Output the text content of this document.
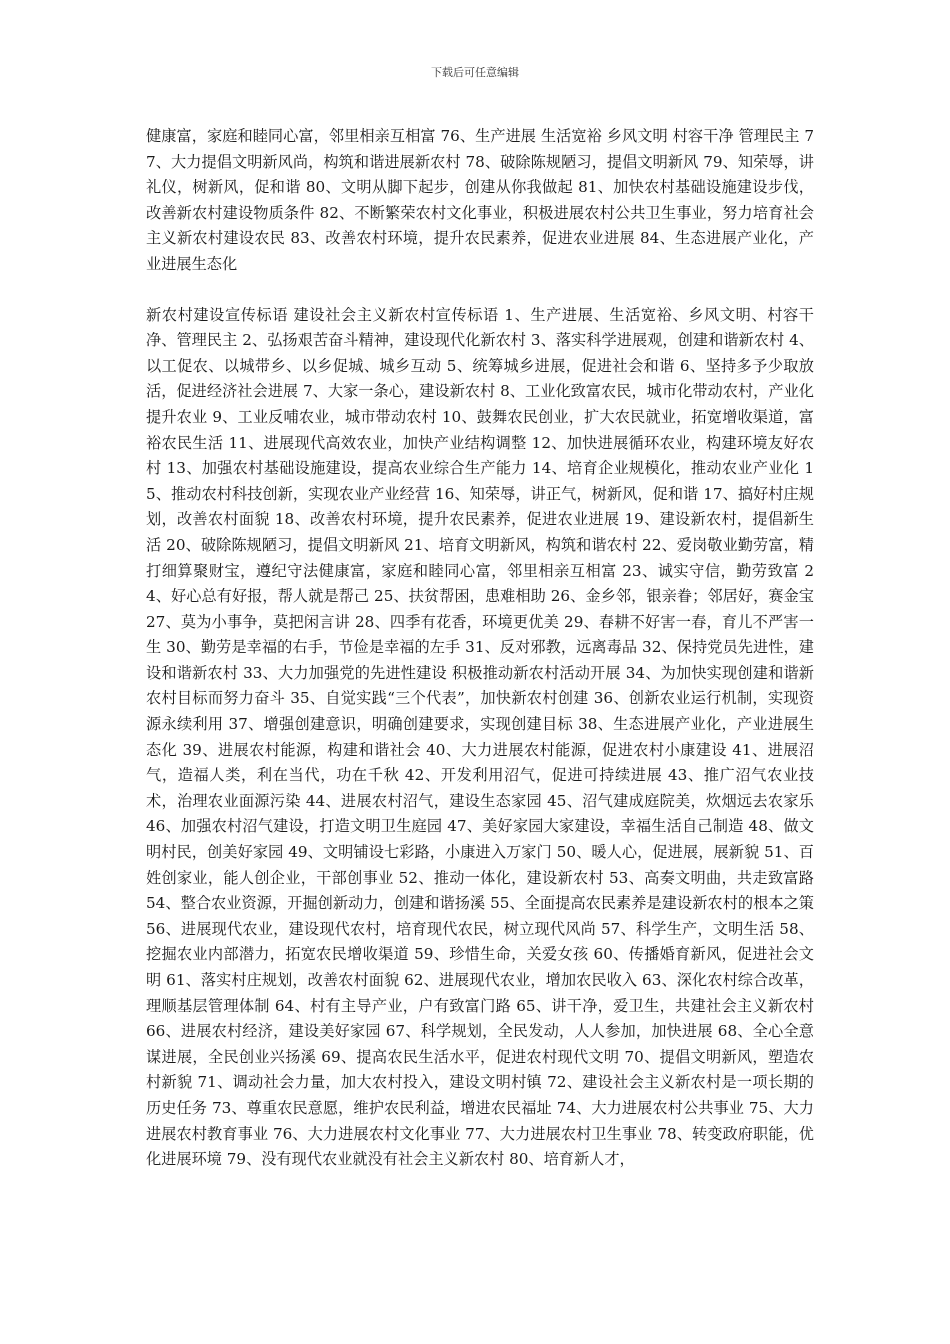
下载后可任意编辑

健康富，家庭和睦同心富，邻里相亲互相富 76、生产进展 生活宽裕 乡风文明 村容干净 管理民主 77、大力提倡文明新风尚，构筑和谐进展新农村 78、破除陈规陋习，提倡文明新风 79、知荣辱，讲礼仪，树新风，促和谐 80、文明从脚下起步，创建从你我做起 81、加快农村基础设施建设步伐，改善新农村建设物质条件 82、不断繁荣农村文化事业，积极进展农村公共卫生事业，努力培育社会主义新农村建设农民 83、改善农村环境，提升农民素养，促进农业进展 84、生态进展产业化，产业进展生态化

新农村建设宣传标语 建设社会主义新农村宣传标语 1、生产进展、生活宽裕、乡风文明、村容干净、管理民主 2、弘扬艰苦奋斗精神，建设现代化新农村 3、落实科学进展观，创建和谐新农村 4、以工促农、以城带乡、以乡促城、城乡互动 5、统筹城乡进展，促进社会和谐 6、坚持多予少取放活，促进经济社会进展 7、大家一条心，建设新农村 8、工业化致富农民，城市化带动农村，产业化提升农业 9、工业反哺农业，城市带动农村 10、鼓舞农民创业，扩大农民就业，拓宽增收渠道，富裕农民生活 11、进展现代高效农业，加快产业结构调整 12、加快进展循环农业，构建环境友好农村 13、加强农村基础设施建设，提高农业综合生产能力 14、培育企业规模化，推动农业产业化 15、推动农村科技创新，实现农业产业经营 16、知荣辱，讲正气，树新风，促和谐 17、搞好村庄规划，改善农村面貌 18、改善农村环境，提升农民素养，促进农业进展 19、建设新农村，提倡新生活 20、破除陈规陋习，提倡文明新风 21、培育文明新风，构筑和谐农村 22、爱岗敬业勤劳富，精打细算聚财宝，遵纪守法健康富，家庭和睦同心富，邻里相亲互相富 23、诚实守信，勤劳致富 24、好心总有好报，帮人就是帮己 25、扶贫帮困，患难相助 26、金乡邻，银亲眷；邻居好，赛金宝 27、莫为小事争，莫把闲言讲 28、四季有花香，环境更优美 29、春耕不好害一春，育儿不严害一生 30、勤劳是幸福的右手，节俭是幸福的左手 31、反对邪教，远离毒品 32、保持党员先进性，建设和谐新农村 33、大力加强党的先进性建设 积极推动新农村活动开展 34、为加快实现创建和谐新农村目标而努力奋斗 35、自觉实践“三个代表”，加快新农村创建 36、创新农业运行机制，实现资源永续利用 37、增强创建意识，明确创建要求，实现创建目标 38、生态进展产业化，产业进展生态化 39、进展农村能源，构建和谐社会 40、大力进展农村能源，促进农村小康建设 41、进展沼气，造福人类，利在当代，功在千秋 42、开发利用沼气，促进可持续进展 43、推广沼气农业技术，治理农业面源污染 44、进展农村沼气，建设生态家园 45、沼气建成庭院美，炊烟远去农家乐 46、加强农村沼气建设，打造文明卫生庭园 47、美好家园大家建设，幸福生活自己制造 48、做文明村民，创美好家园 49、文明铺设七彩路，小康进入万家门 50、暖人心，促进展，展新貌 51、百姓创家业，能人创企业，干部创事业 52、推动一体化，建设新农村 53、高奏文明曲，共走致富路 54、整合农业资源，开掘创新动力，创建和谐扬溪 55、全面提高农民素养是建设新农村的根本之策 56、进展现代农业，建设现代农村，培育现代农民，树立现代风尚 57、科学生产，文明生活 58、挖掘农业内部潜力，拓宽农民增收渠道 59、珍惜生命，关爱女孩 60、传播婚育新风，促进社会文明 61、落实村庄规划，改善农村面貌 62、进展现代农业，增加农民收入 63、深化农村综合改革，理顺基层管理体制 64、村有主导产业，户有致富门路 65、讲干净，爱卫生，共建社会主义新农村 66、进展农村经济，建设美好家园 67、科学规划，全民发动，人人参加，加快进展 68、全心全意谋进展，全民创业兴扬溪 69、提高农民生活水平，促进农村现代文明 70、提倡文明新风，塑造农村新貌 71、调动社会力量，加大农村投入，建设文明村镇 72、建设社会主义新农村是一项长期的历史任务 73、尊重农民意愿，维护农民利益，增进农民福址 74、大力进展农村公共事业 75、大力进展农村教育事业 76、大力进展农村文化事业 77、大力进展农村卫生事业 78、转变政府职能，优化进展环境 79、没有现代农业就没有社会主义新农村 80、培育新人才，
